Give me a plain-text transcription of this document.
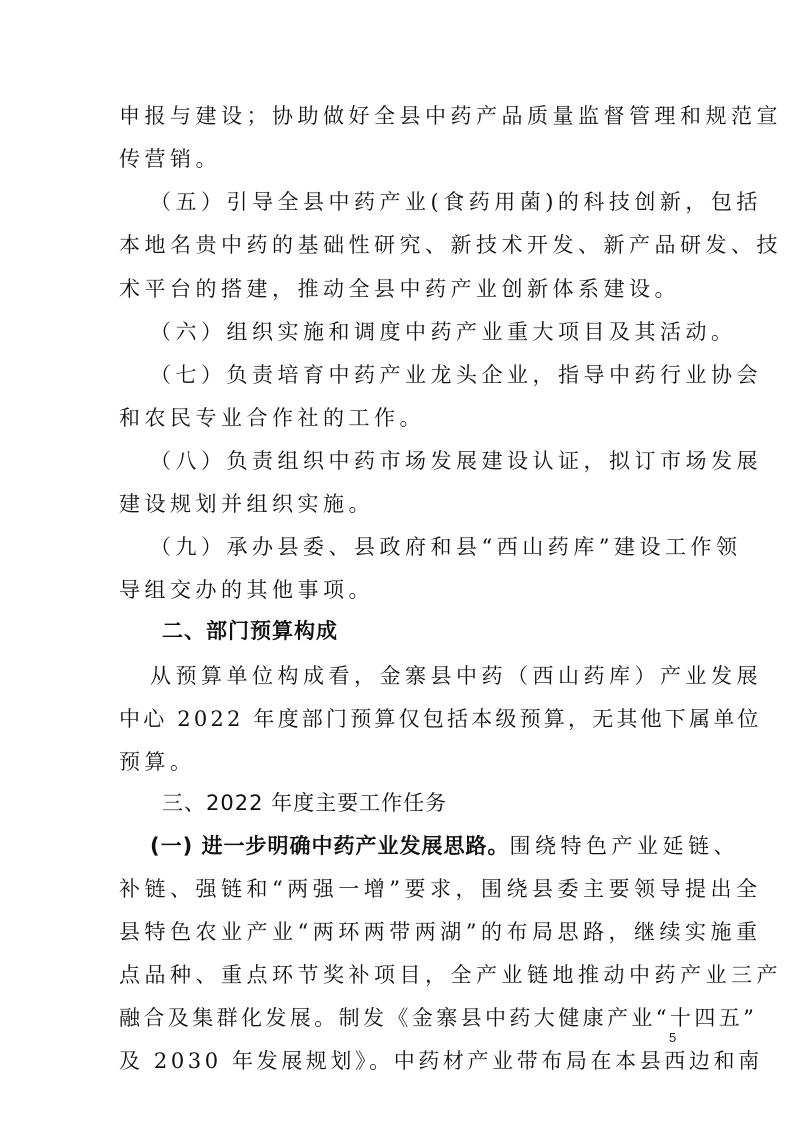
申报与建设；协助做好全县中药产品质量监督管理和规范宣
传营销。
（五）引导全县中药产业(食药用菌)的科技创新，包括
本地名贵中药的基础性研究、新技术开发、新产品研发、技
术平台的搭建，推动全县中药产业创新体系建设。
（六）组织实施和调度中药产业重大项目及其活动。
（七）负责培育中药产业龙头企业，指导中药行业协会
和农民专业合作社的工作。
（八）负责组织中药市场发展建设认证，拟订市场发展
建设规划并组织实施。
（九）承办县委、县政府和县“西山药库”建设工作领
导组交办的其他事项。
二、部门预算构成
从预算单位构成看，金寨县中药（西山药库）产业发展
中心 2022 年度部门预算仅包括本级预算，无其他下属单位
预算。
三、2022 年度主要工作任务
(一) 进一步明确中药产业发展思路。围绕特色产业延链、
补链、强链和“两强一增”要求，围绕县委主要领导提出全
县特色农业产业“两环两带两湖”的布局思路，继续实施重
点品种、重点环节奖补项目，全产业链地推动中药产业三产
融合及集群化发展。制发《金寨县中药大健康产业“十四五”
及 2030 年发展规划》。中药材产业带布局在本县西边和南
5
